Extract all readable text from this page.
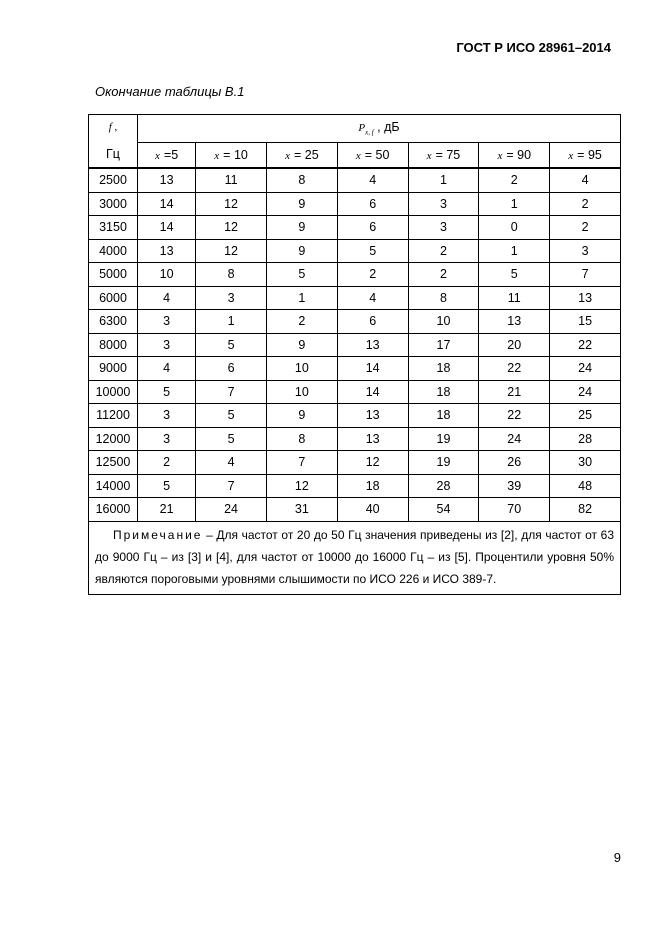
ГОСТ Р ИСО 28961–2014
Окончание таблицы B.1
f ,
Гц	$P_{x, f}$ , дБ						
	x =5	x = 10	x = 25	x = 50	x = 75	x = 90	x = 95
2500	13	11	8	4	1	2	4
3000	14	12	9	6	3	1	2
3150	14	12	9	6	3	0	2
4000	13	12	9	5	2	1	3
5000	10	8	5	2	2	5	7
6000	4	3	1	4	8	11	13
6300	3	1	2	6	10	13	15
8000	3	5	9	13	17	20	22
9000	4	6	10	14	18	22	24
10000	5	7	10	14	18	21	24
11200	3	5	9	13	18	22	25
12000	3	5	8	13	19	24	28
12500	2	4	7	12	19	26	30
14000	5	7	12	18	28	39	48
16000	21	24	31	40	54	70	82
Примечание – Для частот от 20 до 50 Гц значения приведены из [2], для частот от 63 до 9000 Гц – из [3] и [4], для частот от 10000 до 16000 Гц – из [5]. Процентили уровня 50% являются пороговыми уровнями слышимости по ИСО 226 и ИСО 389-7.							
9
